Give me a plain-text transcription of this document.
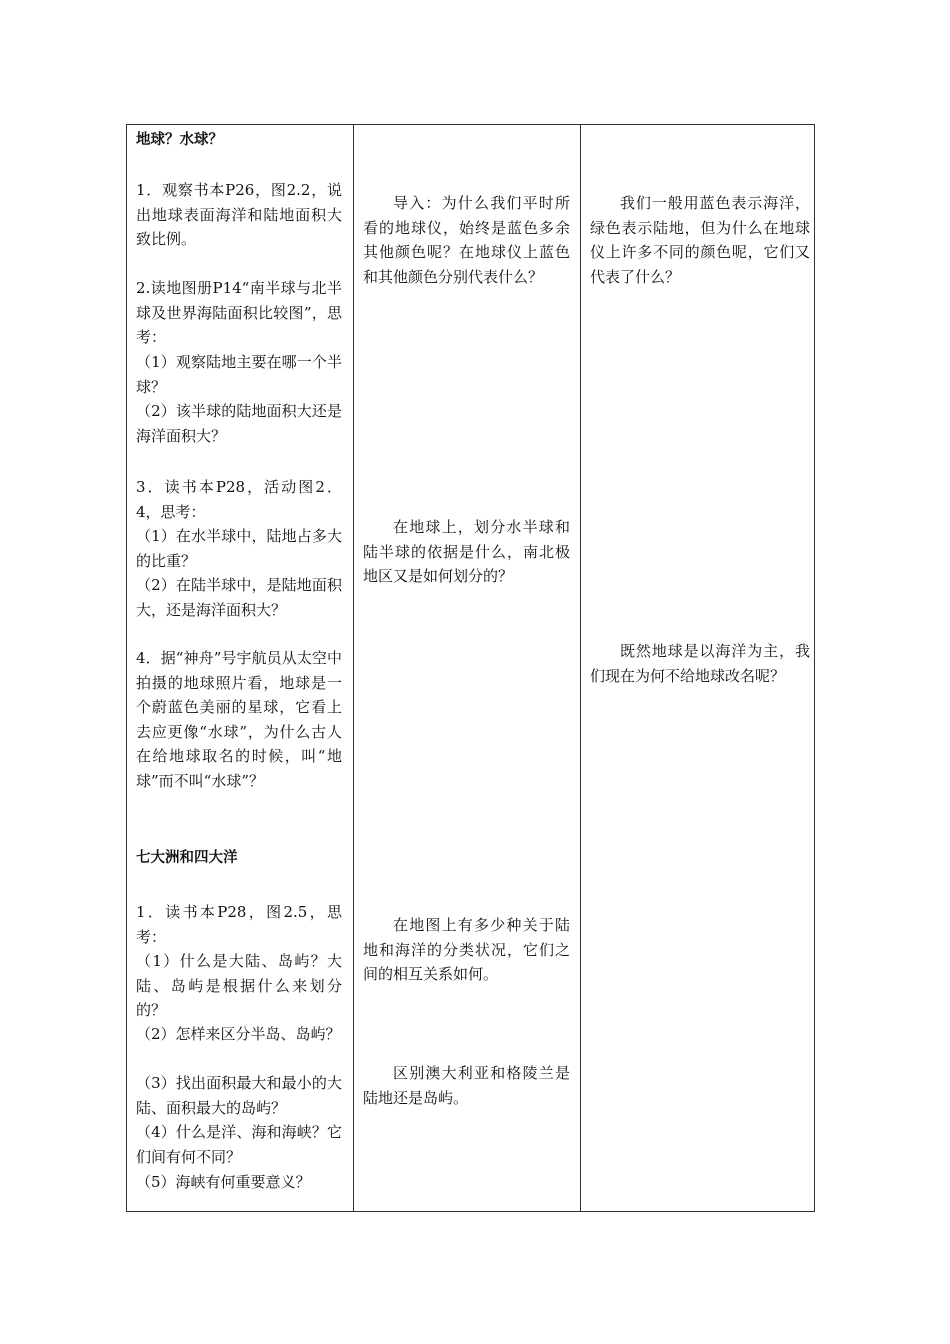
地球？水球？

1．观察书本P26，图2.2，说出地球表面海洋和陆地面积大致比例。

2.读地图册P14“南半球与北半球及世界海陆面积比较图”，思考：

（1）观察陆地主要在哪一个半球？

（2）该半球的陆地面积大还是海洋面积大？

3．读书本P28，活动图2．4，思考：

（1）在水半球中，陆地占多大的比重？

（2）在陆半球中，是陆地面积大，还是海洋面积大？

4．据“神舟”号宇航员从太空中拍摄的地球照片看，地球是一个蔚蓝色美丽的星球，它看上去应更像“水球”，为什么古人在给地球取名的时候，叫“地球”而不叫“水球”？

七大洲和四大洋

1．读书本P28，图2.5，思考：

（1）什么是大陆、岛屿？大陆、岛屿是根据什么来划分的？

（2）怎样来区分半岛、岛屿？

（3）找出面积最大和最小的大陆、面积最大的岛屿？

（4）什么是洋、海和海峡？它们间有何不同？

（5）海峡有何重要意义？

导入：为什么我们平时所看的地球仪，始终是蓝色多余其他颜色呢？在地球仪上蓝色和其他颜色分别代表什么？

在地球上，划分水半球和陆半球的依据是什么，南北极地区又是如何划分的？

在地图上有多少种关于陆地和海洋的分类状况，它们之间的相互关系如何。

区别澳大利亚和格陵兰是陆地还是岛屿。

我们一般用蓝色表示海洋，绿色表示陆地，但为什么在地球仪上许多不同的颜色呢，它们又代表了什么？

既然地球是以海洋为主，我们现在为何不给地球改名呢？
